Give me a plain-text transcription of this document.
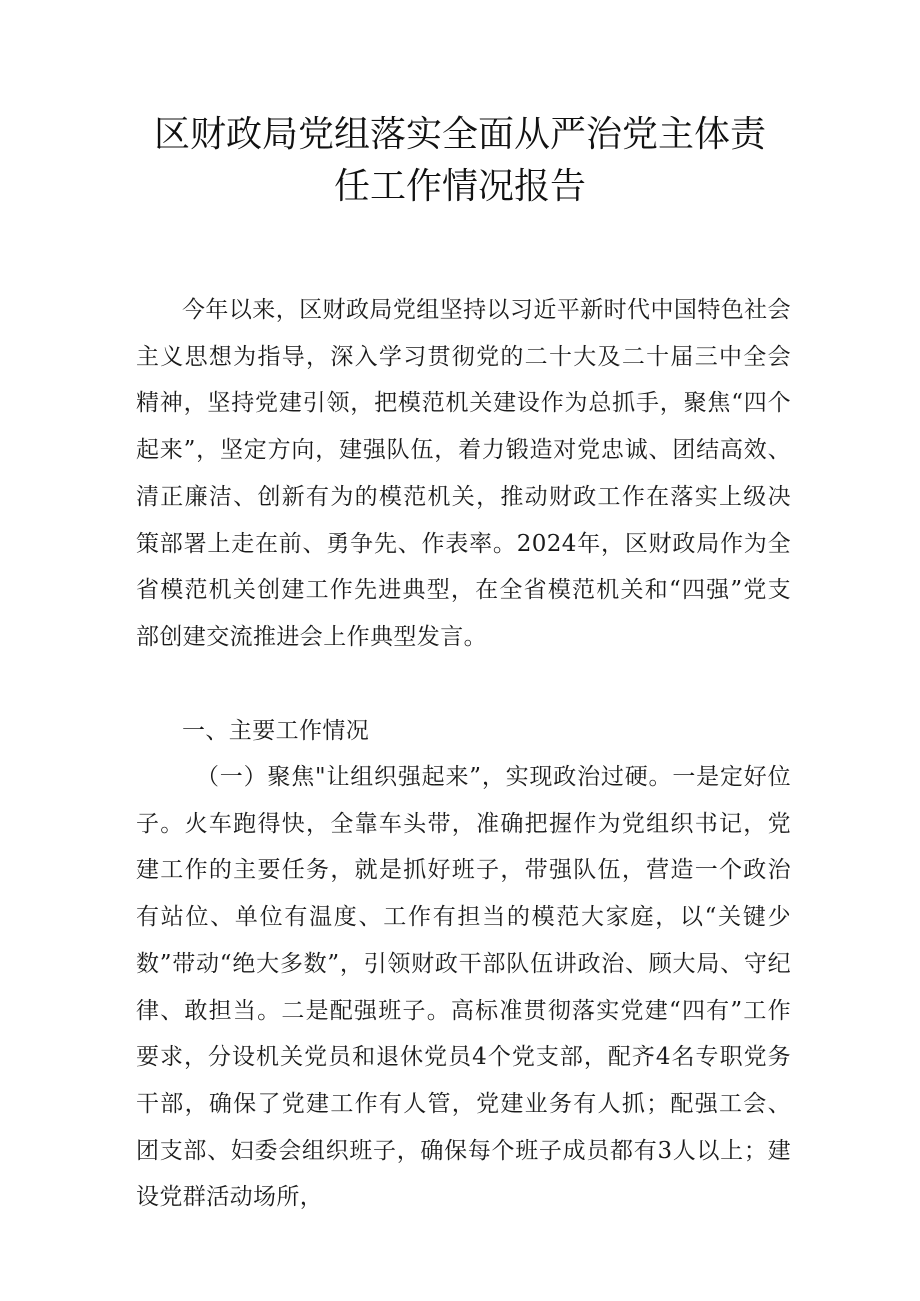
区财政局党组落实全面从严治党主体责
任工作情况报告
今年以来，区财政局党组坚持以习近平新时代中国特色社会主义思想为指导，深入学习贯彻党的二十大及二十届三中全会精神，坚持党建引领，把模范机关建设作为总抓手，聚焦“四个起来”，坚定方向，建强队伍，着力锻造对党忠诚、团结高效、清正廉洁、创新有为的模范机关，推动财政工作在落实上级决策部署上走在前、勇争先、作表率。2024年，区财政局作为全省模范机关创建工作先进典型，在全省模范机关和“四强”党支部创建交流推进会上作典型发言。
一、主要工作情况
（一）聚焦"让组织强起来”，实现政治过硬。一是定好位子。火车跑得快，全靠车头带，准确把握作为党组织书记，党建工作的主要任务，就是抓好班子，带强队伍，营造一个政治有站位、单位有温度、工作有担当的模范大家庭，以“关键少数”带动“绝大多数”，引领财政干部队伍讲政治、顾大局、守纪律、敢担当。二是配强班子。高标准贯彻落实党建“四有”工作要求，分设机关党员和退休党员4个党支部，配齐4名专职党务干部，确保了党建工作有人管，党建业务有人抓；配强工会、团支部、妇委会组织班子，确保每个班子成员都有3人以上；建设党群活动场所，
